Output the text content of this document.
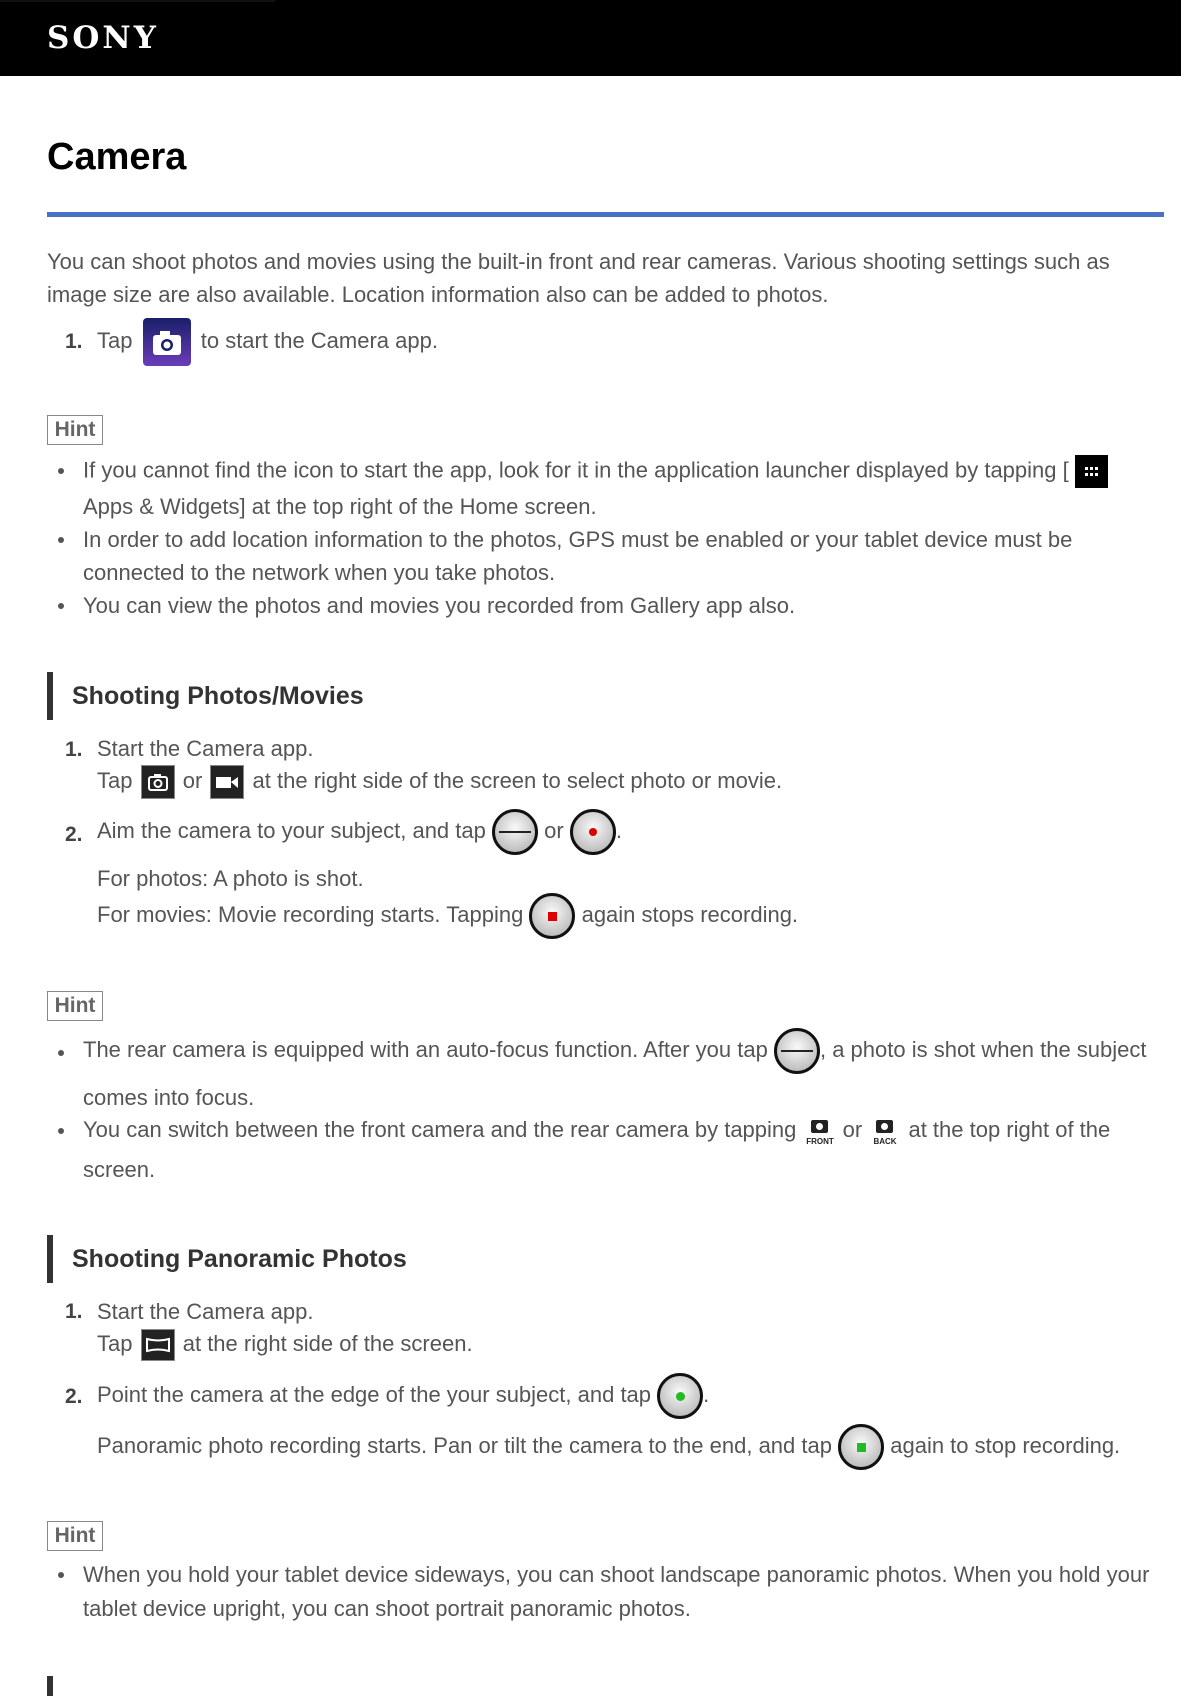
SONY
Camera
You can shoot photos and movies using the built-in front and rear cameras. Various shooting settings such as image size are also available. Location information also can be added to photos.
1. Tap	to start the Camera app.
Hint
If you cannot find the icon to start the app, look for it in the application launcher displayed by tapping [
Apps & Widgets] at the top right of the Home screen.
In order to add location information to the photos, GPS must be enabled or your tablet device must be
connected to the network when you take photos.
You can view the photos and movies you recorded from Gallery app also.
Shooting Photos/Movies
1. Start the Camera app.
Tap or at the right side of the screen to select photo or movie.
2. Aim the camera to your subject, and tap	or .
For photos: A photo is shot.
For movies: Movie recording starts. Tapping	again stops recording.
Hint
The rear camera is equipped with an auto-focus function. After you tap , a photo is shot when the subject
comes into focus.
You can switch between the front camera and the rear camera by tapping FRONT or BACK at the top right of the
screen.
Shooting Panoramic Photos
1. Start the Camera app.
Tap at the right side of the screen.
2. Point the camera at the edge of the your subject, and tap .
Panoramic photo recording starts. Pan or tilt the camera to the end, and tap	again to stop recording.
Hint
When you hold your tablet device sideways, you can shoot landscape panoramic photos. When you hold your
tablet device upright, you can shoot portrait panoramic photos.
